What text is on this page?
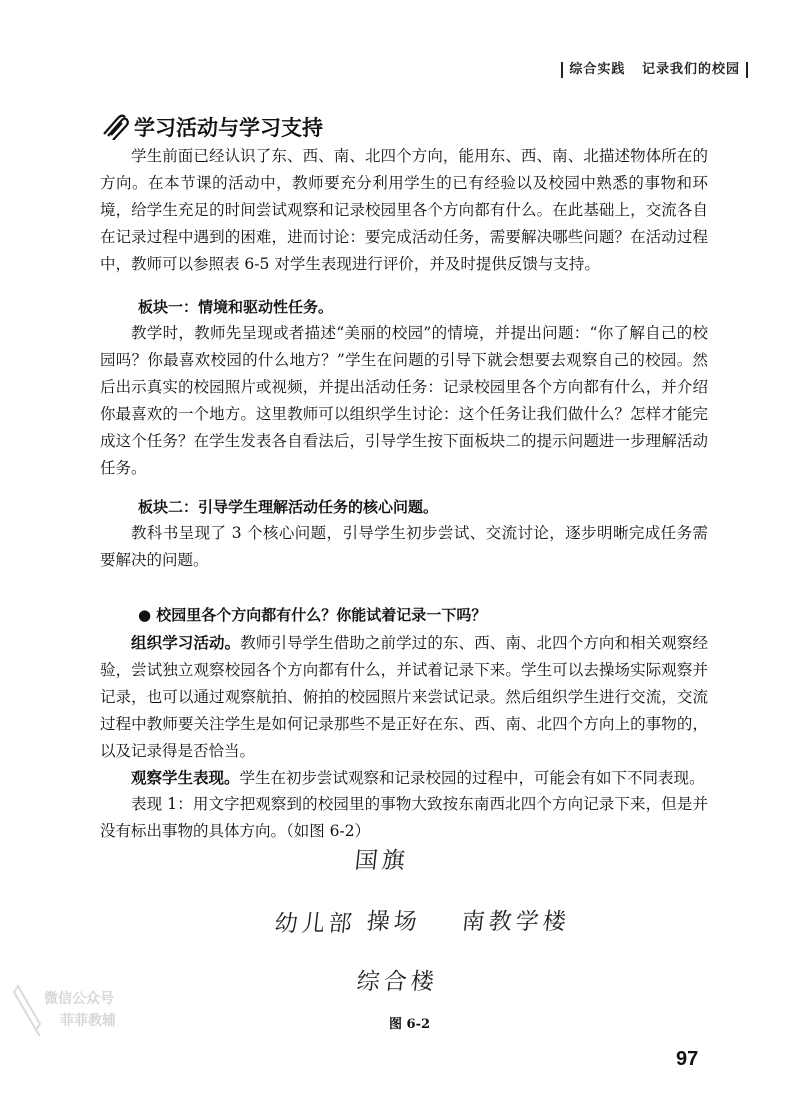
综合实践 记录我们的校园
学习活动与学习支持

学生前面已经认识了东、西、南、北四个方向，能用东、西、南、北描述物体所在的方向。在本节课的活动中，教师要充分利用学生的已有经验以及校园中熟悉的事物和环境，给学生充足的时间尝试观察和记录校园里各个方向都有什么。在此基础上，交流各自在记录过程中遇到的困难，进而讨论：要完成活动任务，需要解决哪些问题？在活动过程中，教师可以参照表 6-5 对学生表现进行评价，并及时提供反馈与支持。

板块一：情境和驱动性任务。

教学时，教师先呈现或者描述“美丽的校园”的情境，并提出问题：“你了解自己的校园吗？你最喜欢校园的什么地方？”学生在问题的引导下就会想要去观察自己的校园。然后出示真实的校园照片或视频，并提出活动任务：记录校园里各个方向都有什么，并介绍你最喜欢的一个地方。这里教师可以组织学生讨论：这个任务让我们做什么？怎样才能完成这个任务？在学生发表各自看法后，引导学生按下面板块二的提示问题进一步理解活动任务。

板块二：引导学生理解活动任务的核心问题。

教科书呈现了 3 个核心问题，引导学生初步尝试、交流讨论，逐步明晰完成任务需要解决的问题。

● 校园里各个方向都有什么？你能试着记录一下吗？

组织学习活动。教师引导学生借助之前学过的东、西、南、北四个方向和相关观察经验，尝试独立观察校园各个方向都有什么，并试着记录下来。学生可以去操场实际观察并记录，也可以通过观察航拍、俯拍的校园照片来尝试记录。然后组织学生进行交流，交流过程中教师要关注学生是如何记录那些不是正好在东、西、南、北四个方向上的事物的，以及记录得是否恰当。

观察学生表现。学生在初步尝试观察和记录校园的过程中，可能会有如下不同表现。

表现 1：用文字把观察到的校园里的事物大致按东南西北四个方向记录下来，但是并没有标出事物的具体方向。（如图 6-2）

国旗
幼儿部 操场 南教学楼
综合楼
图 6-2
微信公众号
菲菲教辅
97
